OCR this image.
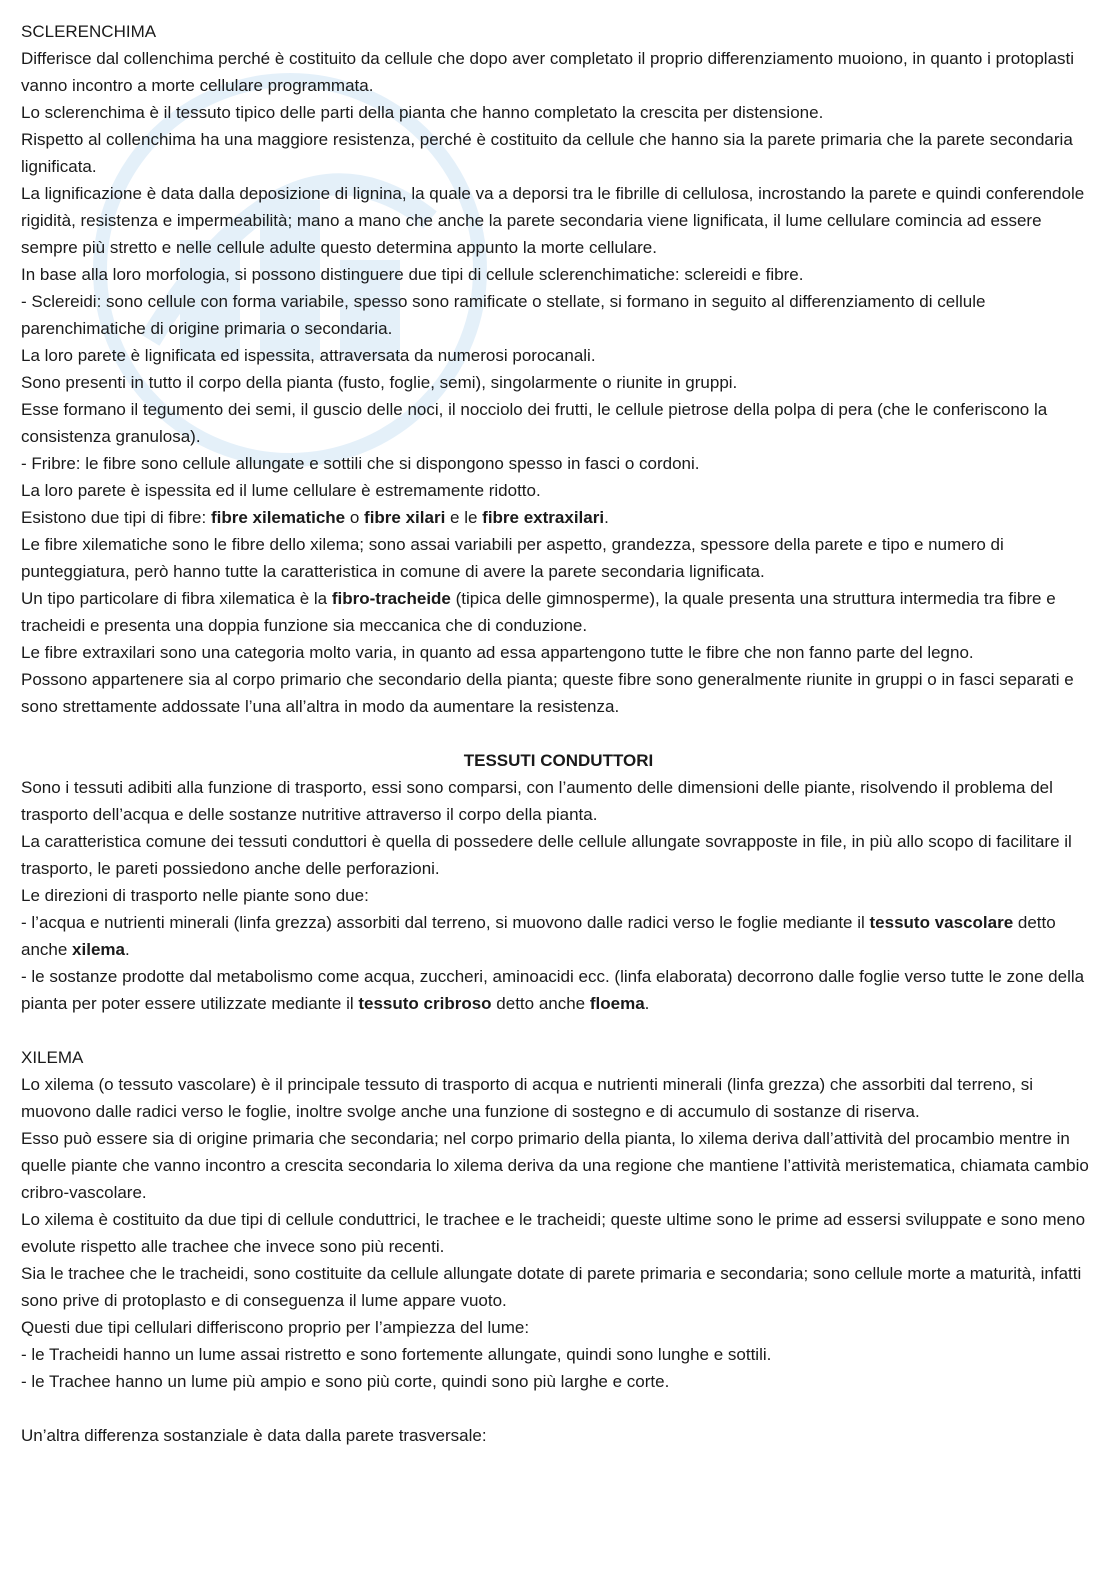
SCLERENCHIMA

Differisce dal collenchima perché è costituito da cellule che dopo aver completato il proprio differenziamento muoiono, in quanto i protoplasti vanno incontro a morte cellulare programmata.

Lo sclerenchima è il tessuto tipico delle parti della pianta che hanno completato la crescita per distensione.

Rispetto al collenchima ha una maggiore resistenza, perché è costituito da cellule che hanno sia la parete primaria che la parete secondaria lignificata.

La lignificazione è data dalla deposizione di lignina, la quale va a deporsi tra le fibrille di cellulosa, incrostando la parete e quindi conferendole rigidità, resistenza e impermeabilità; mano a mano che anche la parete secondaria viene lignificata, il lume cellulare comincia ad essere sempre più stretto e nelle cellule adulte questo determina appunto la morte cellulare.

In base alla loro morfologia, si possono distinguere due tipi di cellule sclerenchimatiche: sclereidi e fibre.

- Sclereidi: sono cellule con forma variabile, spesso sono ramificate o stellate, si formano in seguito al differenziamento di cellule parenchimatiche di origine primaria o secondaria.

La loro parete è lignificata ed ispessita, attraversata da numerosi porocanali.

Sono presenti in tutto il corpo della pianta (fusto, foglie, semi), singolarmente o riunite in gruppi.

Esse formano il tegumento dei semi, il guscio delle noci, il nocciolo dei frutti, le cellule pietrose della polpa di pera (che le conferiscono la consistenza granulosa).

- Fribre: le fibre sono cellule allungate e sottili che si dispongono spesso in fasci o cordoni.

La loro parete è ispessita ed il lume cellulare è estremamente ridotto.

Esistono due tipi di fibre: fibre xilematiche o fibre xilari e le fibre extraxilari.

Le fibre xilematiche sono le fibre dello xilema; sono assai variabili per aspetto, grandezza, spessore della parete e tipo e numero di punteggiatura, però hanno tutte la caratteristica in comune di avere la parete secondaria lignificata.

Un tipo particolare di fibra xilematica è la fibro-tracheide (tipica delle gimnosperme), la quale presenta una struttura intermedia tra fibre e tracheidi e presenta una doppia funzione sia meccanica che di conduzione.

Le fibre extraxilari sono una categoria molto varia, in quanto ad essa appartengono tutte le fibre che non fanno parte del legno.

Possono appartenere sia al corpo primario che secondario della pianta; queste fibre sono generalmente riunite in gruppi o in fasci separati e sono strettamente addossate l’una all’altra in modo da aumentare la resistenza.

TESSUTI CONDUTTORI

Sono i tessuti adibiti alla funzione di trasporto, essi sono comparsi, con l’aumento delle dimensioni delle piante, risolvendo il problema del trasporto dell’acqua e delle sostanze nutritive attraverso il corpo della pianta.

La caratteristica comune dei tessuti conduttori è quella di possedere delle cellule allungate sovrapposte in file, in più allo scopo di facilitare il trasporto, le pareti possiedono anche delle perforazioni.

Le direzioni di trasporto nelle piante sono due:

- l’acqua e nutrienti minerali (linfa grezza) assorbiti dal terreno, si muovono dalle radici verso le foglie mediante il tessuto vascolare detto anche xilema.

- le sostanze prodotte dal metabolismo come acqua, zuccheri, aminoacidi ecc. (linfa elaborata) decorrono dalle foglie verso tutte le zone della pianta per poter essere utilizzate mediante il tessuto cribroso detto anche floema.

XILEMA

Lo xilema (o tessuto vascolare) è il principale tessuto di trasporto di acqua e nutrienti minerali (linfa grezza) che assorbiti dal terreno, si muovono dalle radici verso le foglie, inoltre svolge anche una funzione di sostegno e di accumulo di sostanze di riserva.

Esso può essere sia di origine primaria che secondaria; nel corpo primario della pianta, lo xilema deriva dall’attività del procambio mentre in quelle piante che vanno incontro a crescita secondaria lo xilema deriva da una regione che mantiene l’attività meristematica, chiamata cambio cribro-vascolare.

Lo xilema è costituito da due tipi di cellule conduttrici, le trachee e le tracheidi; queste ultime sono le prime ad essersi sviluppate e sono meno evolute rispetto alle trachee che invece sono più recenti.

Sia le trachee che le tracheidi, sono costituite da cellule allungate dotate di parete primaria e secondaria; sono cellule morte a maturità, infatti sono prive di protoplasto e di conseguenza il lume appare vuoto.

Questi due tipi cellulari differiscono proprio per l’ampiezza del lume:

- le Tracheidi hanno un lume assai ristretto e sono fortemente allungate, quindi sono lunghe e sottili.

- le Trachee hanno un lume più ampio e sono più corte, quindi sono più larghe e corte.

Un’altra differenza sostanziale è data dalla parete trasversale:
